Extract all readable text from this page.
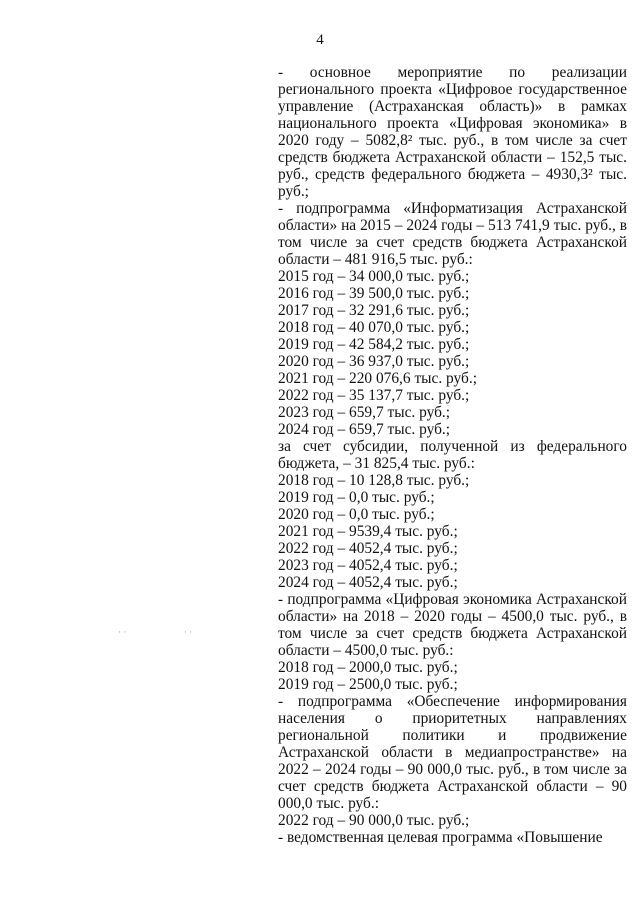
4
· ·	· ·

- основное мероприятие по реализации регионального проекта «Цифровое государственное управление (Астраханская область)» в рамках национального проекта «Цифровая экономика» в 2020 году – 5082,8² тыс. руб., в том числе за счет средств бюджета Астраханской области – 152,5 тыс. руб., средств федерального бюджета – 4930,3² тыс. руб.;

- подпрограмма «Информатизация Астраханской области» на 2015 – 2024 годы – 513 741,9 тыс. руб., в том числе за счет средств бюджета Астраханской области – 481 916,5 тыс. руб.:

2015 год – 34 000,0 тыс. руб.;

2016 год – 39 500,0 тыс. руб.;

2017 год – 32 291,6 тыс. руб.;

2018 год – 40 070,0 тыс. руб.;

2019 год – 42 584,2 тыс. руб.;

2020 год – 36 937,0 тыс. руб.;

2021 год – 220 076,6 тыс. руб.;

2022 год – 35 137,7 тыс. руб.;

2023 год – 659,7 тыс. руб.;

2024 год – 659,7 тыс. руб.;

за счет субсидии, полученной из федерального бюджета, – 31 825,4 тыс. руб.:

2018 год – 10 128,8 тыс. руб.;

2019 год – 0,0 тыс. руб.;

2020 год – 0,0 тыс. руб.;

2021 год – 9539,4 тыс. руб.;

2022 год – 4052,4 тыс. руб.;

2023 год – 4052,4 тыс. руб.;

2024 год – 4052,4 тыс. руб.;

- подпрограмма «Цифровая экономика Астраханской области» на 2018 – 2020 годы – 4500,0 тыс. руб., в том числе за счет средств бюджета Астраханской области – 4500,0 тыс. руб.:

2018 год – 2000,0 тыс. руб.;

2019 год – 2500,0 тыс. руб.;

- подпрограмма «Обеспечение информирования населения о приоритетных направлениях региональной политики и продвижение Астраханской области в медиапространстве» на 2022 – 2024 годы – 90 000,0 тыс. руб., в том числе за счет средств бюджета Астраханской области – 90 000,0 тыс. руб.:

2022 год – 90 000,0 тыс. руб.;

- ведомственная целевая программа «Повышение
